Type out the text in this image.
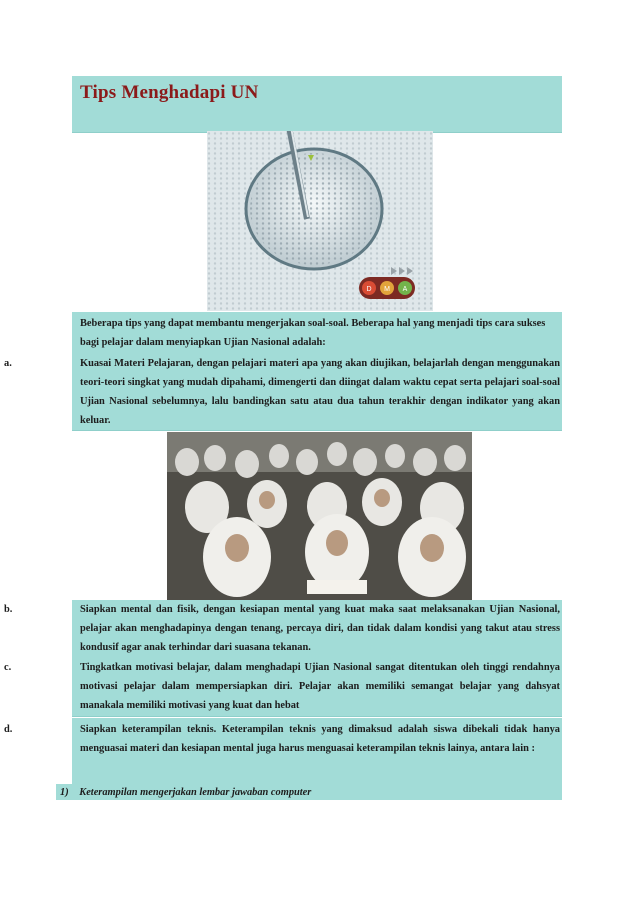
Tips Menghadapi UN
D M A
Beberapa tips yang dapat membantu mengerjakan soal-soal. Beberapa hal yang menjadi tips cara sukses bagi pelajar dalam menyiapkan Ujian Nasional adalah:
a.	Kuasai Materi Pelajaran, dengan pelajari materi apa yang akan diujikan, belajarlah dengan menggunakan teori-teori singkat yang mudah dipahami, dimengerti dan diingat dalam waktu cepat serta pelajari soal-soal Ujian Nasional sebelumnya, lalu bandingkan satu atau dua tahun terakhir dengan indikator yang akan keluar.
b.	Siapkan mental dan fisik, dengan kesiapan mental yang kuat maka saat melaksanakan Ujian Nasional, pelajar akan menghadapinya dengan tenang, percaya diri, dan tidak dalam kondisi yang takut atau stress kondusif agar anak terhindar dari suasana tekanan.
c.	Tingkatkan motivasi belajar, dalam menghadapi Ujian Nasional sangat ditentukan oleh tinggi rendahnya motivasi pelajar dalam mempersiapkan diri. Pelajar akan memiliki semangat belajar yang dahsyat manakala memiliki motivasi yang kuat dan hebat
d.	Siapkan keterampilan teknis. Keterampilan teknis yang dimaksud adalah siswa dibekali tidak hanya menguasai materi dan kesiapan mental juga harus menguasai keterampilan teknis lainya, antara lain :
1) Keterampilan mengerjakan lembar jawaban computer
